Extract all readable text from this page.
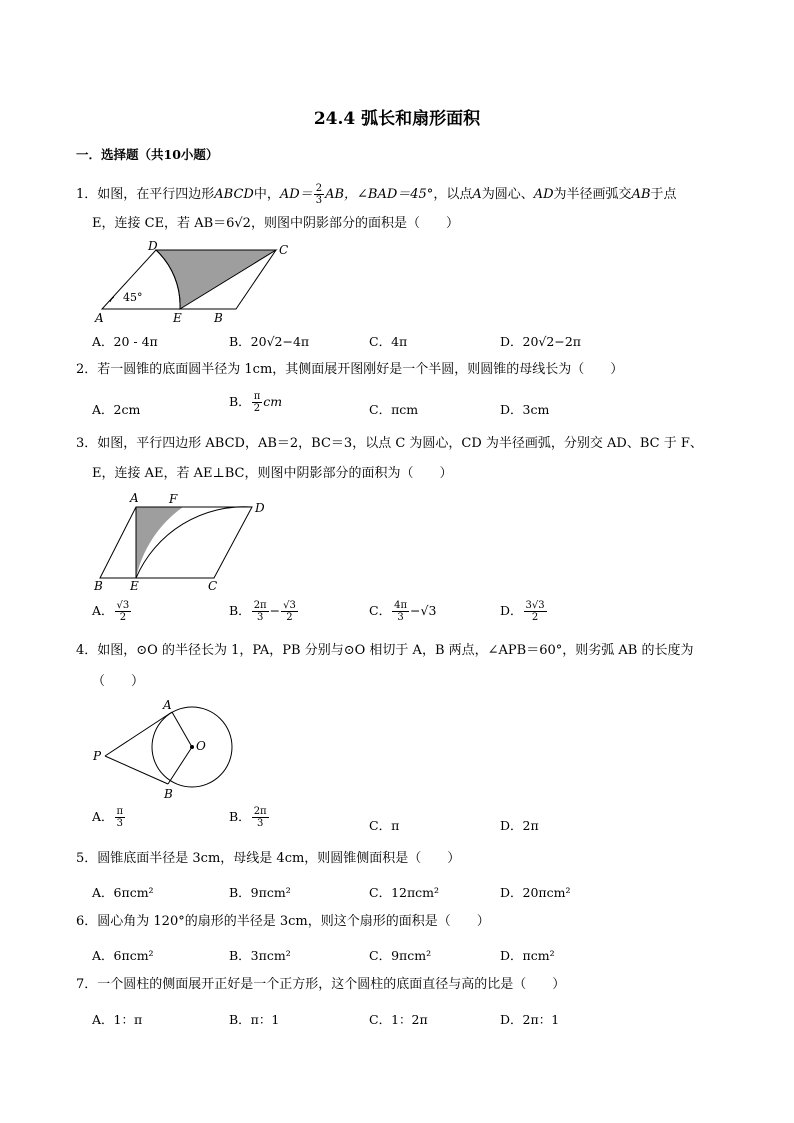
24.4 弧长和扇形面积
一．选择题（共10小题）
1．如图，在平行四边形ABCD中，$AD= \frac{2}{3}$ AB，∠BAD＝45°，以点A为圆心、AD为半径画弧交AB于点
E，连接 CE，若 AB＝6√2，则图中阴影部分的面积是（　　）
45°
A	E	B
D	C
A．20 - 4π	B．20√2−4π	C．4π	D．20√2−2π
2．若一圆锥的底面圆半径为 1cm，其侧面展开图刚好是一个半圆，则圆锥的母线长为（　　）
A．2cm
B． $\frac{\pi}{2}$ cm
C．πcm	D．3cm
3．如图，平行四边形 ABCD，AB＝2，BC＝3，以点 C 为圆心，CD 为半径画弧，分别交 AD、BC 于 F、
E，连接 AE，若 AE⊥BC，则图中阴影部分的面积为（　　）
A	F
D
B E	C
A． $\frac{√3}{2}$	B． $\frac{2\pi}{3} - \frac{√3}{2}$	C． $\frac{4\pi}{3} -√3$	D． $\frac{3√3}{2}$
4．如图，⊙O 的半径长为 1，PA，PB 分别与⊙O 相切于 A，B 两点，∠APB＝60°，则劣弧 AB 的长度为
（　　）
A
O
P
B
A． $\frac{\pi}{3}$	B． $\frac{2\pi}{3}$	C．π	D．2π
5．圆锥底面半径是 3cm，母线是 4cm，则圆锥侧面积是（　　）
A．6πcm²	B．9πcm²	C．12πcm²	D．20πcm²
6．圆心角为 120°的扇形的半径是 3cm，则这个扇形的面积是（　　）
A．6πcm²	B．3πcm²	C．9πcm²	D．πcm²
7．一个圆柱的侧面展开正好是一个正方形，这个圆柱的底面直径与高的比是（　　）
A．1：π	B．π：1	C．1：2π	D．2π：1
